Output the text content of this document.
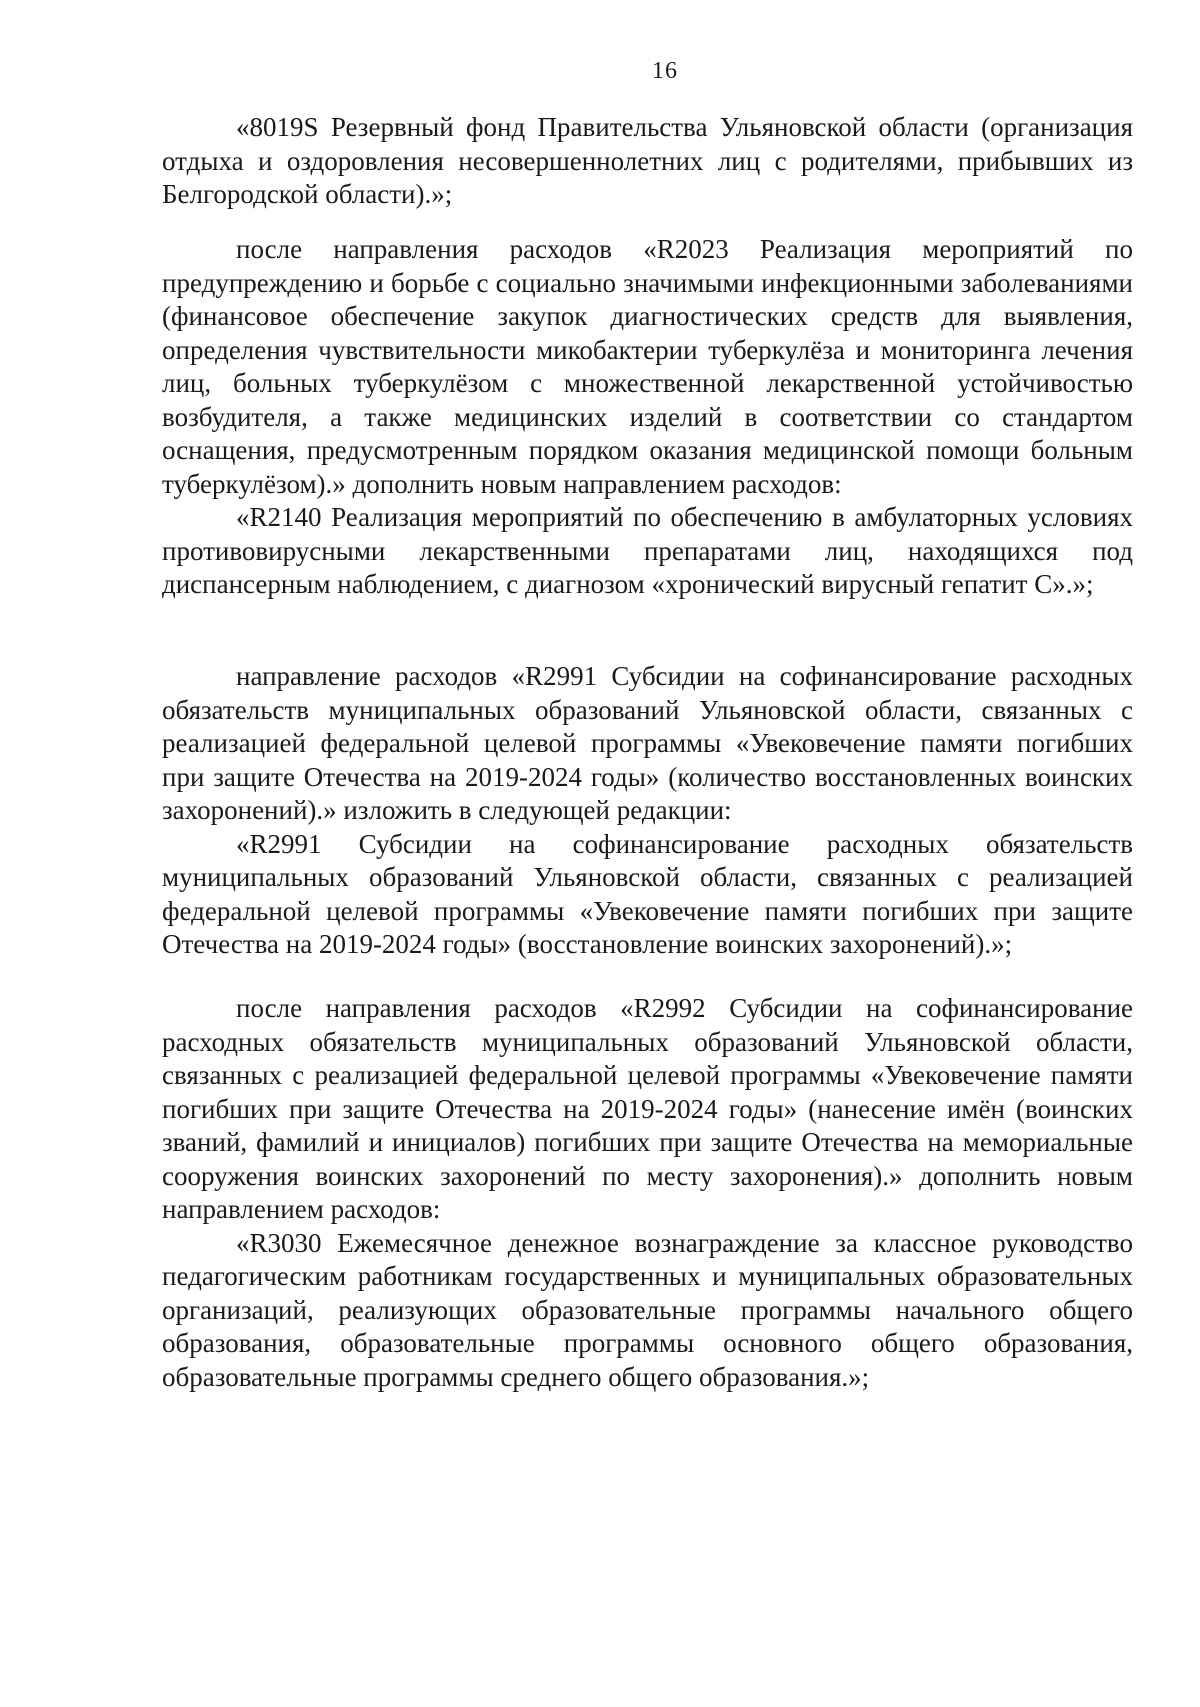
16

«8019S Резервный фонд Правительства Ульяновской области (организация отдыха и оздоровления несовершеннолетних лиц с родителями, прибывших из Белгородской области).»;

после направления расходов «R2023 Реализация мероприятий по предупреждению и борьбе с социально значимыми инфекционными заболеваниями (финансовое обеспечение закупок диагностических средств для выявления, определения чувствительности микобактерии туберкулёза и мониторинга лечения лиц, больных туберкулёзом с множественной лекарственной устойчивостью возбудителя, а также медицинских изделий в соответствии со стандартом оснащения, предусмотренным порядком оказания медицинской помощи больным туберкулёзом).» дополнить новым направлением расходов:

«R2140 Реализация мероприятий по обеспечению в амбулаторных условиях противовирусными лекарственными препаратами лиц, находящихся под диспансерным наблюдением, с диагнозом «хронический вирусный гепатит С».»;

направление расходов «R2991 Субсидии на софинансирование расходных обязательств муниципальных образований Ульяновской области, связанных с реализацией федеральной целевой программы «Увековечение памяти погибших при защите Отечества на 2019-2024 годы» (количество восстановленных воинских захоронений).» изложить в следующей редакции:

«R2991 Субсидии на софинансирование расходных обязательств муниципальных образований Ульяновской области, связанных с реализацией федеральной целевой программы «Увековечение памяти погибших при защите Отечества на 2019-2024 годы» (восстановление воинских захоронений).»;

после направления расходов «R2992 Субсидии на софинансирование расходных обязательств муниципальных образований Ульяновской области, связанных с реализацией федеральной целевой программы «Увековечение памяти погибших при защите Отечества на 2019-2024 годы» (нанесение имён (воинских званий, фамилий и инициалов) погибших при защите Отечества на мемориальные сооружения воинских захоронений по месту захоронения).» дополнить новым направлением расходов:

«R3030 Ежемесячное денежное вознаграждение за классное руководство педагогическим работникам государственных и муниципальных образовательных организаций, реализующих образовательные программы начального общего образования, образовательные программы основного общего образования, образовательные программы среднего общего образования.»;
